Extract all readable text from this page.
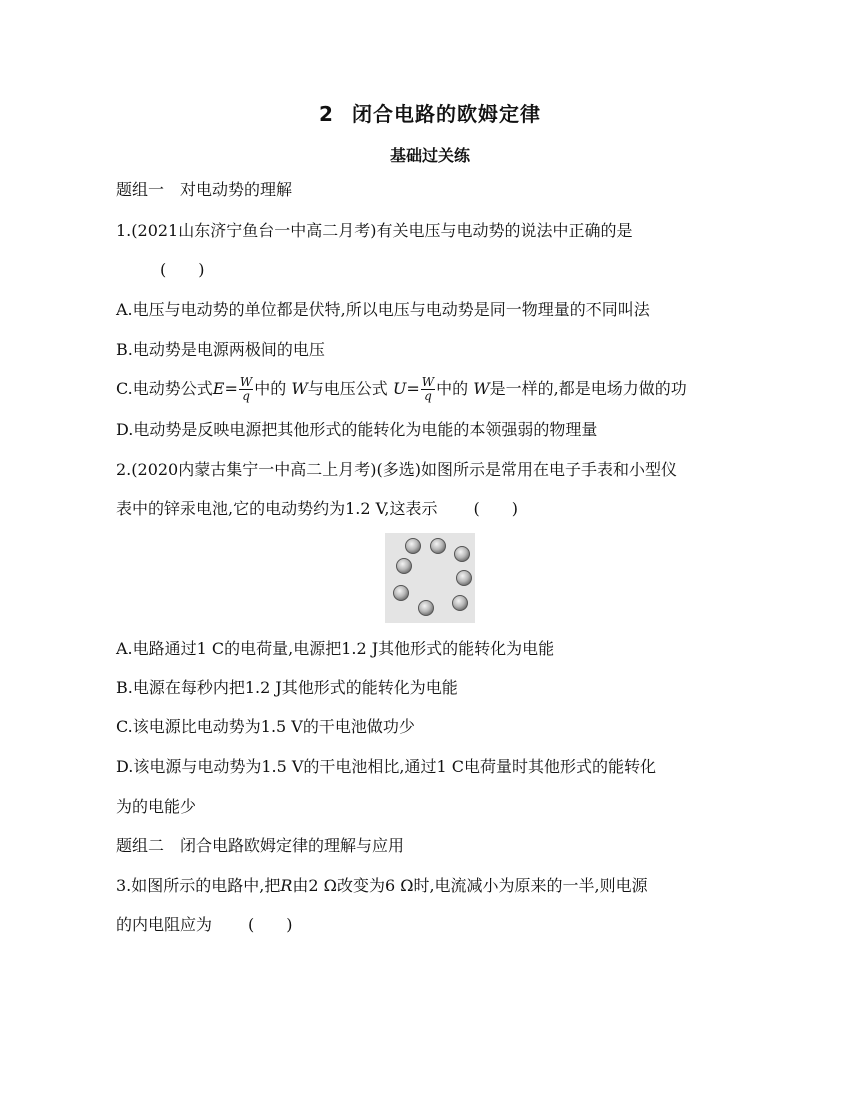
2 闭合电路的欧姆定律
基础过关练
题组一 对电动势的理解
1.(2021山东济宁鱼台一中高二月考)有关电压与电动势的说法中正确的是
(　　)
A.电压与电动势的单位都是伏特,所以电压与电动势是同一物理量的不同叫法
B.电动势是电源两极间的电压
C.电动势公式$E= \frac{W}{q}$ 中的 W与电压公式 $U= \frac{W}{q}$ 中的 W是一样的,都是电场力做的功
D.电动势是反映电源把其他形式的能转化为电能的本领强弱的物理量
2.(2020内蒙古集宁一中高二上月考)(多选)如图所示是常用在电子手表和小型仪
表中的锌汞电池,它的电动势约为1.2 V,这表示 (　　)
A.电路通过1 C的电荷量,电源把1.2 J其他形式的能转化为电能
B.电源在每秒内把1.2 J其他形式的能转化为电能
C.该电源比电动势为1.5 V的干电池做功少
D.该电源与电动势为1.5 V的干电池相比,通过1 C电荷量时其他形式的能转化
为的电能少
题组二 闭合电路欧姆定律的理解与应用
3.如图所示的电路中,把R由2 Ω改变为6 Ω时,电流减小为原来的一半,则电源
的内电阻应为 (　　)
